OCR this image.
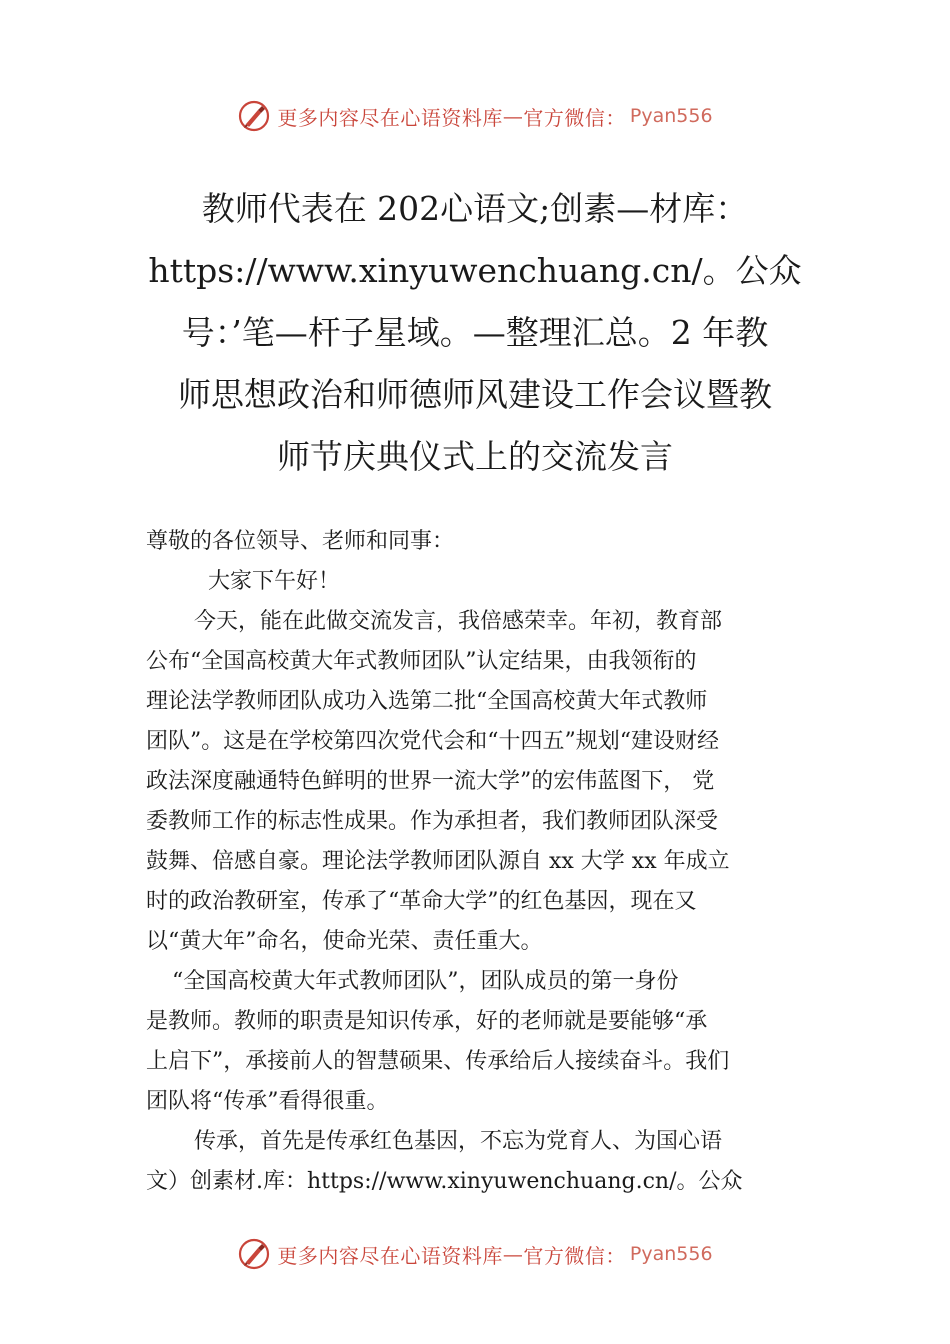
更多内容尽在心语资料库 — 官方微信： Pyan556
教师代表在 202心语文;创素—材库：
https://www.xinyuwenchuang.cn/。公众
号：’笔—杆子星域。—整理汇总。2 年教
师思想政治和师德师风建设工作会议暨教
师节庆典仪式上的交流发言
尊敬的各位领导、老师和同事：
大家下午好！
今天，能在此做交流发言，我倍感荣幸。年初，教育部
公布“全国高校黄大年式教师团队”认定结果，由我领衔的
理论法学教师团队成功入选第二批“全国高校黄大年式教师
团队”。这是在学校第四次党代会和“十四五”规划“建设财经
政法深度融通特色鲜明的世界一流大学”的宏伟蓝图下， 党
委教师工作的标志性成果。作为承担者，我们教师团队深受
鼓舞、倍感自豪。理论法学教师团队源自 xx 大学 xx 年成立
时的政治教研室，传承了“革命大学”的红色基因，现在又
以“黄大年”命名，使命光荣、责任重大。
“全国高校黄大年式教师团队”，团队成员的第一身份
是教师。教师的职责是知识传承，好的老师就是要能够“承
上启下”，承接前人的智慧硕果、传承给后人接续奋斗。我们
团队将“传承”看得很重。
传承，首先是传承红色基因，不忘为党育人、为国心语
文）创素材.库：https://www.xinyuwenchuang.cn/。公众
更多内容尽在心语资料库 — 官方微信： Pyan556
